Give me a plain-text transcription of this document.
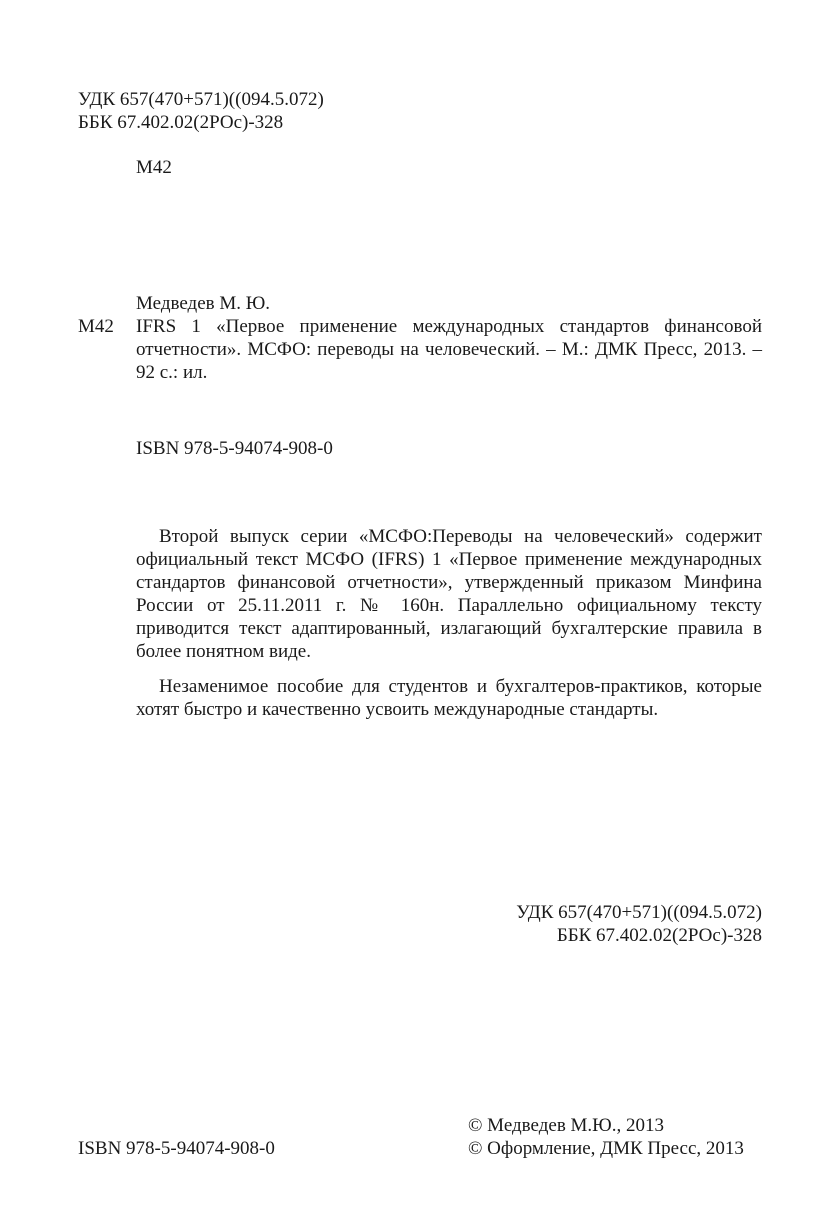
УДК 657(470+571)((094.5.072)
ББК 67.402.02(2РОс)-328
М42
Медведев М. Ю.
М42 IFRS 1 «Первое применение международных стандартов финансовой отчетности». МСФО: переводы на человеческий. – М.: ДМК Пресс, 2013. – 92 с.: ил.
ISBN 978-5-94074-908-0

Второй выпуск серии «МСФО:Переводы на человеческий» содержит официальный текст МСФО (IFRS) 1 «Первое применение международных стандартов финансовой отчетности», утвержденный приказом Минфина России от 25.11.2011 г. № 160н. Параллельно официальному тексту приводится текст адаптированный, излагающий бухгалтерские правила в более понятном виде.

Незаменимое пособие для студентов и бухгалтеров-практиков, которые хотят быстро и качественно усвоить международные стандарты.

УДК 657(470+571)((094.5.072)
ББК 67.402.02(2РОс)-328
© Медведев М.Ю., 2013
ISBN 978-5-94074-908-0	© Оформление, ДМК Пресс, 2013
